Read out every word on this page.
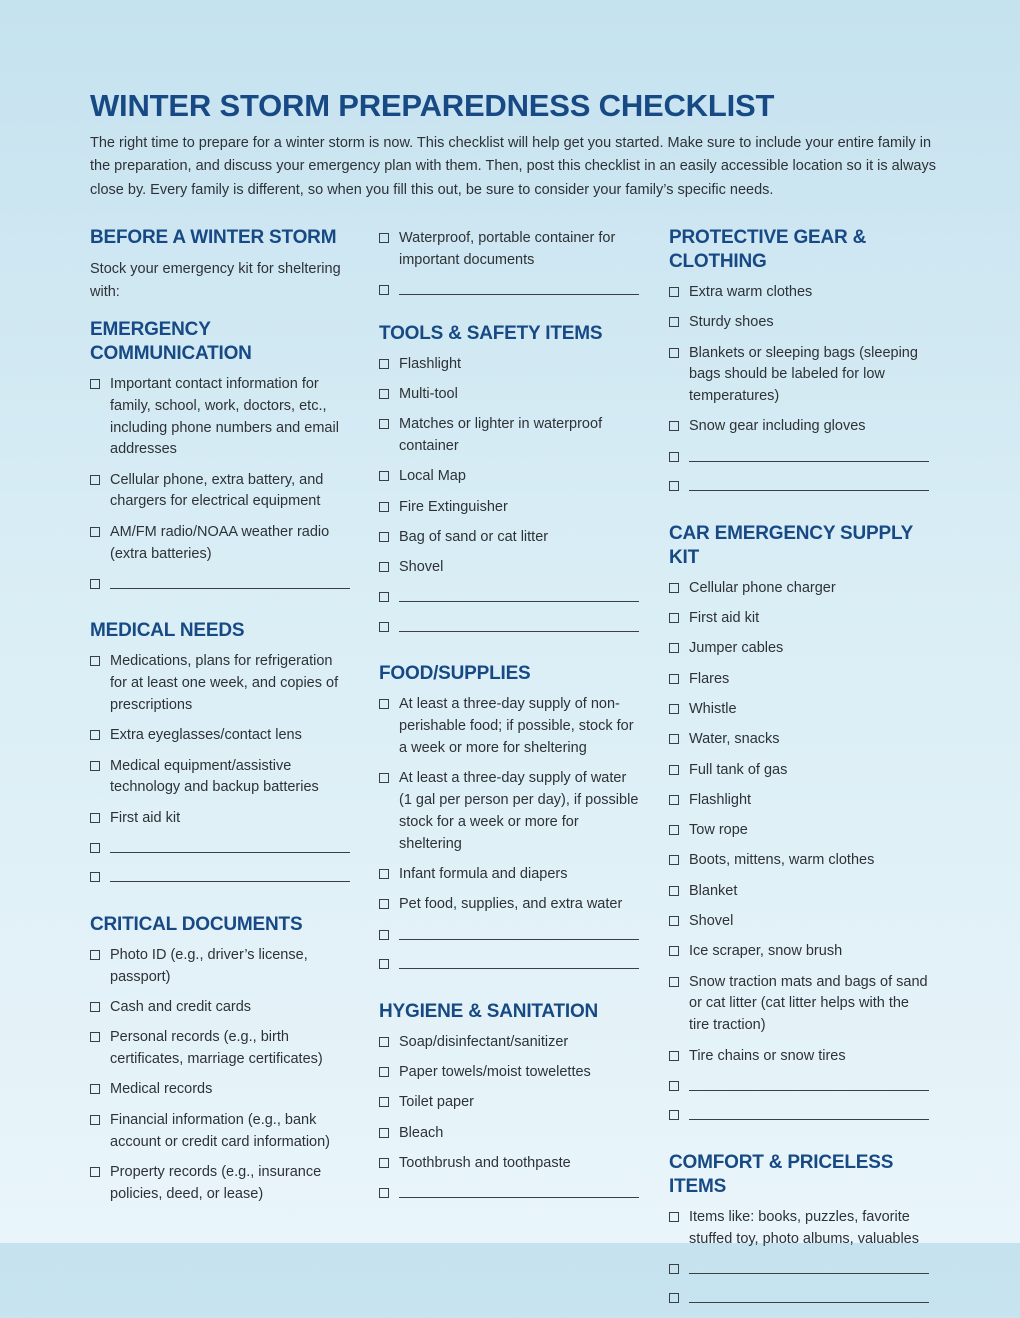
WINTER STORM PREPAREDNESS CHECKLIST

The right time to prepare for a winter storm is now. This checklist will help get you started. Make sure to include your entire family in the preparation, and discuss your emergency plan with them. Then, post this checklist in an easily accessible location so it is always close by. Every family is different, so when you fill this out, be sure to consider your family’s specific needs.

BEFORE A WINTER STORM

Stock your emergency kit for sheltering with:

EMERGENCY COMMUNICATION
Important contact information for family, school, work, doctors, etc., including phone numbers and email addresses
Cellular phone, extra battery, and chargers for electrical equipment
AM/FM radio/NOAA weather radio (extra batteries)
MEDICAL NEEDS
Medications, plans for refrigeration for at least one week, and copies of prescriptions
Extra eyeglasses/contact lens
Medical equipment/assistive technology and backup batteries
First aid kit
CRITICAL DOCUMENTS
Photo ID (e.g., driver’s license, passport)
Cash and credit cards
Personal records (e.g., birth certificates, marriage certificates)
Medical records
Financial information (e.g., bank account or credit card information)
Property records (e.g., insurance policies, deed, or lease)
Waterproof, portable container for important documents
TOOLS & SAFETY ITEMS
Flashlight
Multi-tool
Matches or lighter in waterproof container
Local Map
Fire Extinguisher
Bag of sand or cat litter
Shovel
FOOD/SUPPLIES
At least a three-day supply of non-perishable food; if possible, stock for a week or more for sheltering
At least a three-day supply of water (1 gal per person per day), if possible stock for a week or more for sheltering
Infant formula and diapers
Pet food, supplies, and extra water
HYGIENE & SANITATION
Soap/disinfectant/sanitizer
Paper towels/moist towelettes
Toilet paper
Bleach
Toothbrush and toothpaste
PROTECTIVE GEAR & CLOTHING
Extra warm clothes
Sturdy shoes
Blankets or sleeping bags (sleeping bags should be labeled for low temperatures)
Snow gear including gloves
CAR EMERGENCY SUPPLY KIT
Cellular phone charger
First aid kit
Jumper cables
Flares
Whistle
Water, snacks
Full tank of gas
Flashlight
Tow rope
Boots, mittens, warm clothes
Blanket
Shovel
Ice scraper, snow brush
Snow traction mats and bags of sand or cat litter (cat litter helps with the tire traction)
Tire chains or snow tires
COMFORT & PRICELESS ITEMS
Items like: books, puzzles, favorite stuffed toy, photo albums, valuables
